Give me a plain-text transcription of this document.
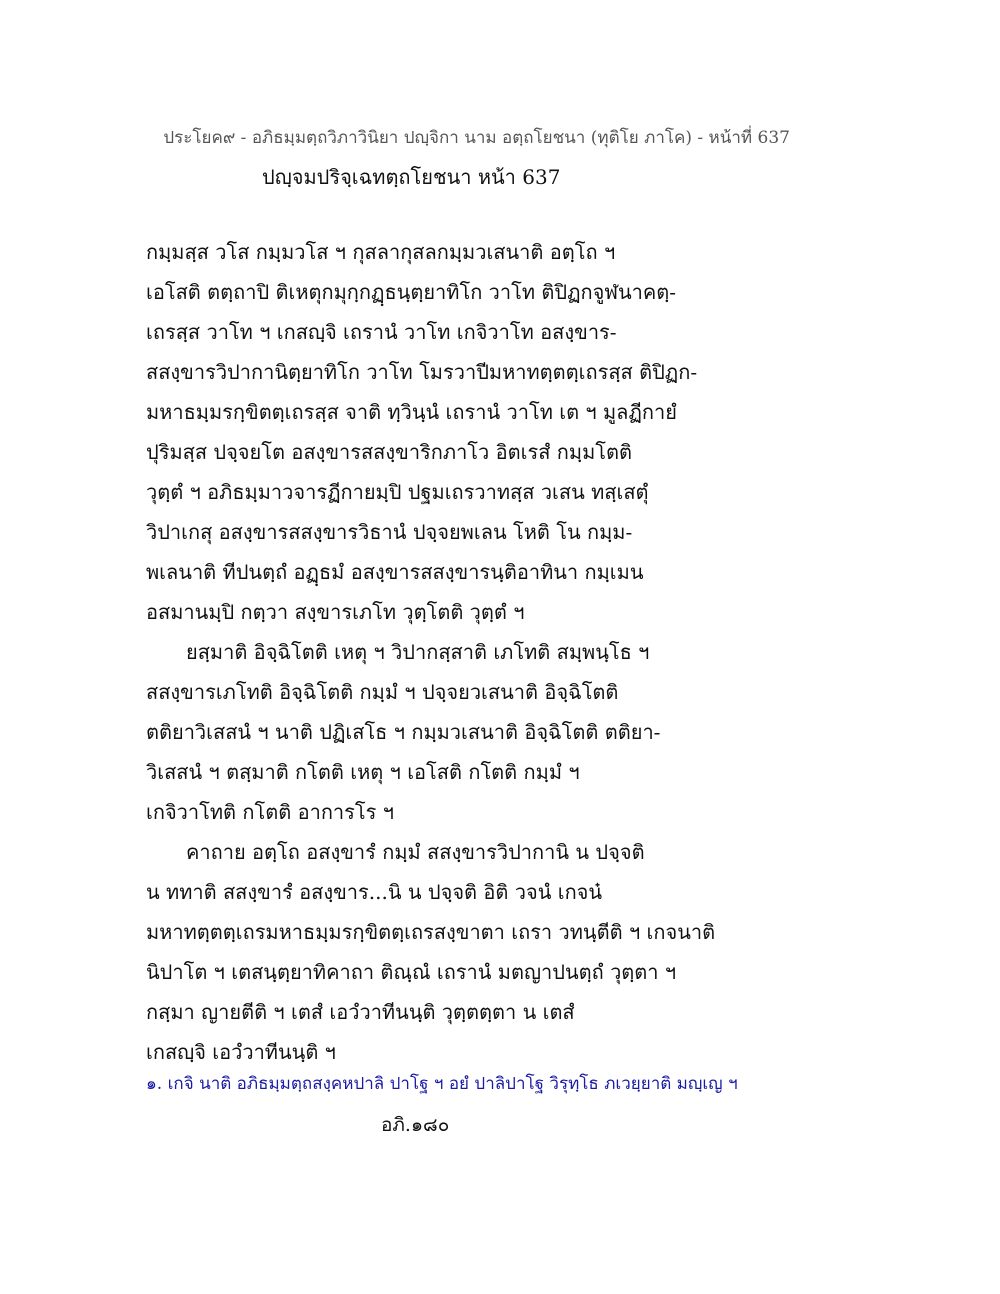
ประโยค๙ - อภิธมฺมตฺถวิภาวินิยา ปญฺจิกา นาม อตฺถโยชนา (ทุติโย ภาโค) - หน้าที่ 637
ปญฺจมปริจฺเฉทตฺถโยชนา หน้า 637
กมฺมสฺส วโส กมฺมวโส ฯ กุสลากุสลกมฺมวเสนาติ อตฺโถ ฯ
เอโสติ ตตฺถาปิ ติเหตุกมุกฺกฏฺธนฺตฺยาทิโก วาโท ติปิฏกจูฬนาคตฺ-
เถรสฺส วาโท ฯ เกสญฺจิ เถรานํ วาโท เกจิวาโท อสงฺขาร-
สสงฺขารวิปากานิตฺยาทิโก วาโท โมรวาปีมหาทตฺตตฺเถรสฺส ติปิฏก-
มหาธมฺมรกฺขิตตฺเถรสฺส จาติ ทฺวินฺนํ เถรานํ วาโท เต ฯ มูลฏีกายํ
ปุริมสฺส ปจฺจยโต อสงฺขารสสงฺขาริกภาโว อิตเรสํ กมฺมโตติ
วุตฺตํ ฯ อภิธมฺมาวจารฏีกายมฺปิ ปฐมเถรวาทสฺส วเสน ทสฺเสตุํ
วิปาเกสุ อสงฺขารสสงฺขารวิธานํ ปจฺจยพเลน โหติ โน กมฺม-
พเลนาติ ทีปนตฺถํ อฏฺธมํ อสงฺขารสสงฺขารนฺติอาทินา กมฺเมน
อสมานมฺปิ กตฺวา สงฺขารเภโท วุตฺโตติ วุตฺตํ ฯ
ยสฺมาติ อิจฺฉิโตติ เหตุ ฯ วิปากสฺสาติ เภโทติ สมฺพนฺโธ ฯ
สสงฺขารเภโทติ อิจฺฉิโตติ กมฺมํ ฯ ปจฺจยวเสนาติ อิจฺฉิโตติ
ตติยาวิเสสนํ ฯ นาติ ปฏิเสโธ ฯ กมฺมวเสนาติ อิจฺฉิโตติ ตติยา-
วิเสสนํ ฯ ตสฺมาติ กโตติ เหตุ ฯ เอโสติ กโตติ กมฺมํ ฯ
เกจิวาโทติ กโตติ อาการโร ฯ
คาถาย อตฺโถ อสงฺขารํ กมฺมํ สสงฺขารวิปากานิ น ปจฺจติ
น ททาติ สสงฺขารํ อสงฺขาร...นิ น ปจฺจติ อิติ วจนํ เกจน๋
มหาทตฺตตฺเถรมหาธมฺมรกฺขิตตฺเถรสงฺขาตา เถรา วทนฺตีติ ฯ เกจนาติ
นิปาโต ฯ เตสนฺตฺยาทิคาถา ติณฺณํ เถรานํ มตญาปนตฺถํ วุตฺตา ฯ
กสฺมา ญายตีติ ฯ เตสํ เอวํวาทีนนฺติ วุตฺตตฺตา น เตสํ
เกสญฺจิ เอวํวาทีนนฺติ ฯ
๑. เกจิ นาติ อภิธมฺมตฺถสงฺคหปาลิ ปาโฐ ฯ อยํ ปาลิปาโฐ วิรุทฺโธ ภเวยฺยาติ มญฺเญ ฯ
อภิ.๑๘๐
